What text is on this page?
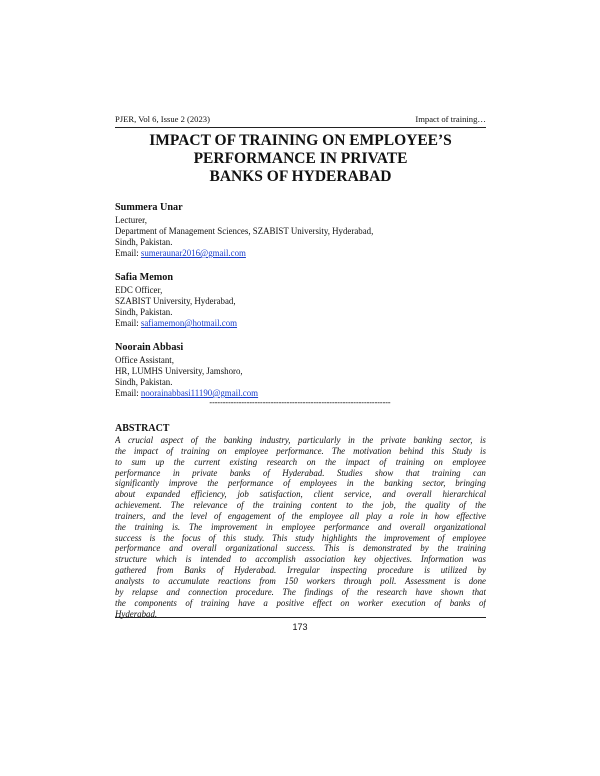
PJER, Vol 6, Issue 2 (2023)	Impact of training…
IMPACT OF TRAINING ON EMPLOYEE’S
PERFORMANCE IN PRIVATE
BANKS OF HYDERABAD
Summera Unar
Lecturer,
Department of Management Sciences, SZABIST University, Hyderabad,
Sindh, Pakistan.
Email: sumeraunar2016@gmail.com
Safia Memon
EDC Officer,
SZABIST University, Hyderabad,
Sindh, Pakistan.
Email: safiamemon@hotmail.com
Noorain Abbasi
Office Assistant,
HR, LUMHS University, Jamshoro,
Sindh, Pakistan.
Email: noorainabbasi11190@gmail.com
--------------------------------------------------------------------
ABSTRACT
A crucial aspect of the banking industry, particularly in the private banking sector, is
the impact of training on employee performance. The motivation behind this Study is
to sum up the current existing research on the impact of training on employee
performance in private banks of Hyderabad. Studies show that training can
significantly improve the performance of employees in the banking sector, bringing
about expanded efficiency, job satisfaction, client service, and overall hierarchical
achievement. The relevance of the training content to the job, the quality of the
trainers, and the level of engagement of the employee all play a role in how effective
the training is. The improvement in employee performance and overall organizational
success is the focus of this study. This study highlights the improvement of employee
performance and overall organizational success. This is demonstrated by the training
structure which is intended to accomplish association key objectives. Information was
gathered from Banks of Hyderabad. Irregular inspecting procedure is utilized by
analysts to accumulate reactions from 150 workers through poll. Assessment is done
by relapse and connection procedure. The findings of the research have shown that
the components of training have a positive effect on worker execution of banks of
Hyderabad.
173
